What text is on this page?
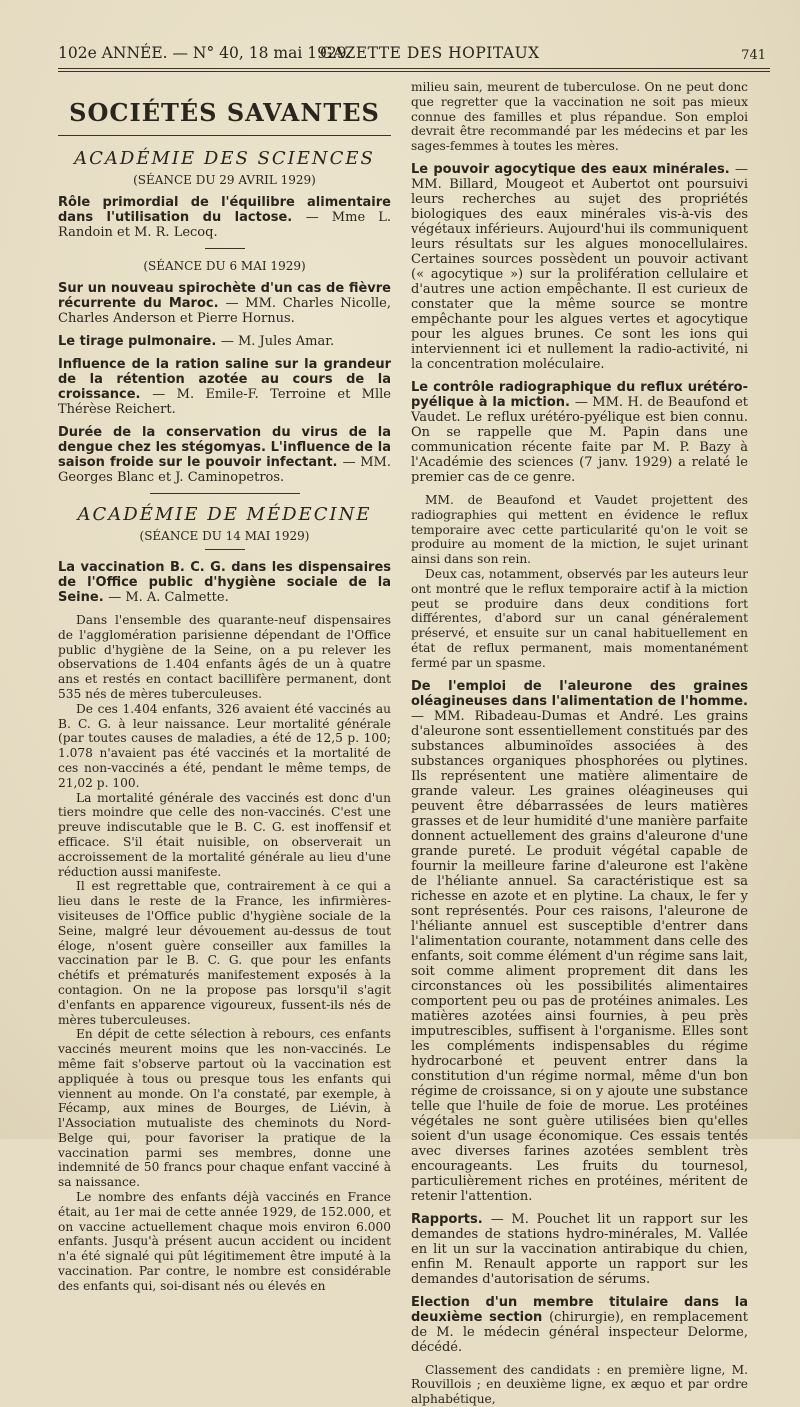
102e ANNÉE. — N° 40, 18 mai 1929.
GAZETTE DES HOPITAUX	741
SOCIÉTÉS SAVANTES
ACADÉMIE DES SCIENCES
(SÉANCE DU 29 AVRIL 1929)

Rôle primordial de l'équilibre alimentaire dans l'utilisation du lactose. — Mme L. Randoin et M. R. Lecoq.

(SÉANCE DU 6 MAI 1929)

Sur un nouveau spirochète d'un cas de fièvre récurrente du Maroc. — MM. Charles Nicolle, Charles Anderson et Pierre Hornus.

Le tirage pulmonaire. — M. Jules Amar.

Influence de la ration saline sur la grandeur de la rétention azotée au cours de la croissance. — M. Emile-F. Terroine et Mlle Thérèse Reichert.

Durée de la conservation du virus de la dengue chez les stégomyas. L'influence de la saison froide sur le pouvoir infectant. — MM. Georges Blanc et J. Caminopetros.

ACADÉMIE DE MÉDECINE
(SÉANCE DU 14 MAI 1929)

La vaccination B. C. G. dans les dispensaires de l'Office public d'hygiène sociale de la Seine. — M. A. Calmette.

Dans l'ensemble des quarante-neuf dispensaires de l'agglomération parisienne dépendant de l'Office public d'hygiène de la Seine, on a pu relever les observations de 1.404 enfants âgés de un à quatre ans et restés en contact bacillifère permanent, dont 535 nés de mères tuberculeuses.

De ces 1.404 enfants, 326 avaient été vaccinés au B. C. G. à leur naissance. Leur mortalité générale (par toutes causes de maladies, a été de 12,5 p. 100; 1.078 n'avaient pas été vaccinés et la mortalité de ces non-vaccinés a été, pendant le même temps, de 21,02 p. 100.

La mortalité générale des vaccinés est donc d'un tiers moindre que celle des non-vaccinés. C'est une preuve indiscutable que le B. C. G. est inoffensif et efficace. S'il était nuisible, on observerait un accroissement de la mortalité générale au lieu d'une réduction aussi manifeste.

Il est regrettable que, contrairement à ce qui a lieu dans le reste de la France, les infirmières-visiteuses de l'Office public d'hygiène sociale de la Seine, malgré leur dévouement au-dessus de tout éloge, n'osent guère conseiller aux familles la vaccination par le B. C. G. que pour les enfants chétifs et prématurés manifestement exposés à la contagion. On ne la propose pas lorsqu'il s'agit d'enfants en apparence vigoureux, fussent-ils nés de mères tuberculeuses.

En dépit de cette sélection à rebours, ces enfants vaccinés meurent moins que les non-vaccinés. Le même fait s'observe partout où la vaccination est appliquée à tous ou presque tous les enfants qui viennent au monde. On l'a constaté, par exemple, à Fécamp, aux mines de Bourges, de Liévin, à l'Association mutualiste des cheminots du Nord-Belge qui, pour favoriser la pratique de la vaccination parmi ses membres, donne une indemnité de 50 francs pour chaque enfant vacciné à sa naissance.

Le nombre des enfants déjà vaccinés en France était, au 1er mai de cette année 1929, de 152.000, et on vaccine actuellement chaque mois environ 6.000 enfants. Jusqu'à présent aucun accident ou incident n'a été signalé qui pût légitimement être imputé à la vaccination. Par contre, le nombre est considérable des enfants qui, soi-disant nés ou élevés en

milieu sain, meurent de tuberculose. On ne peut donc que regretter que la vaccination ne soit pas mieux connue des familles et plus répandue. Son emploi devrait être recommandé par les médecins et par les sages-femmes à toutes les mères.

Le pouvoir agocytique des eaux minérales. — MM. Billard, Mougeot et Aubertot ont poursuivi leurs recherches au sujet des propriétés biologiques des eaux minérales vis-à-vis des végétaux inférieurs. Aujourd'hui ils communiquent leurs résultats sur les algues monocellulaires. Certaines sources possèdent un pouvoir activant (« agocytique ») sur la prolifération cellulaire et d'autres une action empêchante. Il est curieux de constater que la même source se montre empêchante pour les algues vertes et agocytique pour les algues brunes. Ce sont les ions qui interviennent ici et nullement la radio-activité, ni la concentration moléculaire.

Le contrôle radiographique du reflux urétéro-pyélique à la miction. — MM. H. de Beaufond et Vaudet. Le reflux urétéro-pyélique est bien connu. On se rappelle que M. Papin dans une communication récente faite par M. P. Bazy à l'Académie des sciences (7 janv. 1929) a relaté le premier cas de ce genre.

MM. de Beaufond et Vaudet projettent des radiographies qui mettent en évidence le reflux temporaire avec cette particularité qu'on le voit se produire au moment de la miction, le sujet urinant ainsi dans son rein.

Deux cas, notamment, observés par les auteurs leur ont montré que le reflux temporaire actif à la miction peut se produire dans deux conditions fort différentes, d'abord sur un canal généralement préservé, et ensuite sur un canal habituellement en état de reflux permanent, mais momentanément fermé par un spasme.

De l'emploi de l'aleurone des graines oléagineuses dans l'alimentation de l'homme. — MM. Ribadeau-Dumas et André. Les grains d'aleurone sont essentiellement constitués par des substances albuminoïdes associées à des substances organiques phosphorées ou plytines. Ils représentent une matière alimentaire de grande valeur. Les graines oléagineuses qui peuvent être débarrassées de leurs matières grasses et de leur humidité d'une manière parfaite donnent actuellement des grains d'aleurone d'une grande pureté. Le produit végétal capable de fournir la meilleure farine d'aleurone est l'akène de l'héliante annuel. Sa caractéristique est sa richesse en azote et en plytine. La chaux, le fer y sont représentés. Pour ces raisons, l'aleurone de l'héliante annuel est susceptible d'entrer dans l'alimentation courante, notamment dans celle des enfants, soit comme élément d'un régime sans lait, soit comme aliment proprement dit dans les circonstances où les possibilités alimentaires comportent peu ou pas de protéines animales. Les matières azotées ainsi fournies, à peu près imputrescibles, suffisent à l'organisme. Elles sont les compléments indispensables du régime hydrocarboné et peuvent entrer dans la constitution d'un régime normal, même d'un bon régime de croissance, si on y ajoute une substance telle que l'huile de foie de morue. Les protéines végétales ne sont guère utilisées bien qu'elles soient d'un usage économique. Ces essais tentés avec diverses farines azotées semblent très encourageants. Les fruits du tournesol, particulièrement riches en protéines, méritent de retenir l'attention.

Rapports. — M. Pouchet lit un rapport sur les demandes de stations hydro-minérales, M. Vallée en lit un sur la vaccination antirabique du chien, enfin M. Renault apporte un rapport sur les demandes d'autorisation de sérums.

Election d'un membre titulaire dans la deuxième section (chirurgie), en remplacement de M. le médecin général inspecteur Delorme, décédé.

Classement des candidats : en première ligne, M. Rouvillois ; en deuxième ligne, ex æquo et par ordre alphabétique,
